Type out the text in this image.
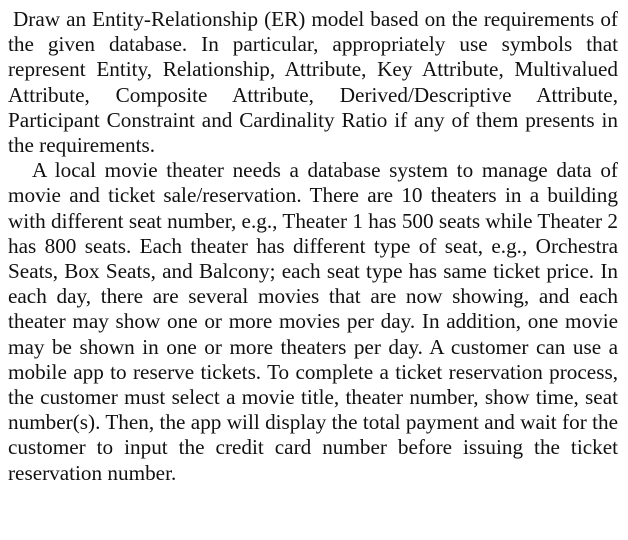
Draw an Entity-Relationship (ER) model based on the requirements of the given database. In particular, appropriately use symbols that represent Entity, Relationship, Attribute, Key Attribute, Multivalued Attribute, Composite Attribute, Derived/Descriptive Attribute, Participant Constraint and Cardinality Ratio if any of them presents in the requirements.

A local movie theater needs a database system to manage data of movie and ticket sale/reservation. There are 10 theaters in a building with different seat number, e.g., Theater 1 has 500 seats while Theater 2 has 800 seats. Each theater has different type of seat, e.g., Orchestra Seats, Box Seats, and Balcony; each seat type has same ticket price. In each day, there are several movies that are now showing, and each theater may show one or more movies per day. In addition, one movie may be shown in one or more theaters per day. A customer can use a mobile app to reserve tickets. To complete a ticket reservation process, the customer must select a movie title, theater number, show time, seat number(s). Then, the app will display the total payment and wait for the customer to input the credit card number before issuing the ticket reservation number.
